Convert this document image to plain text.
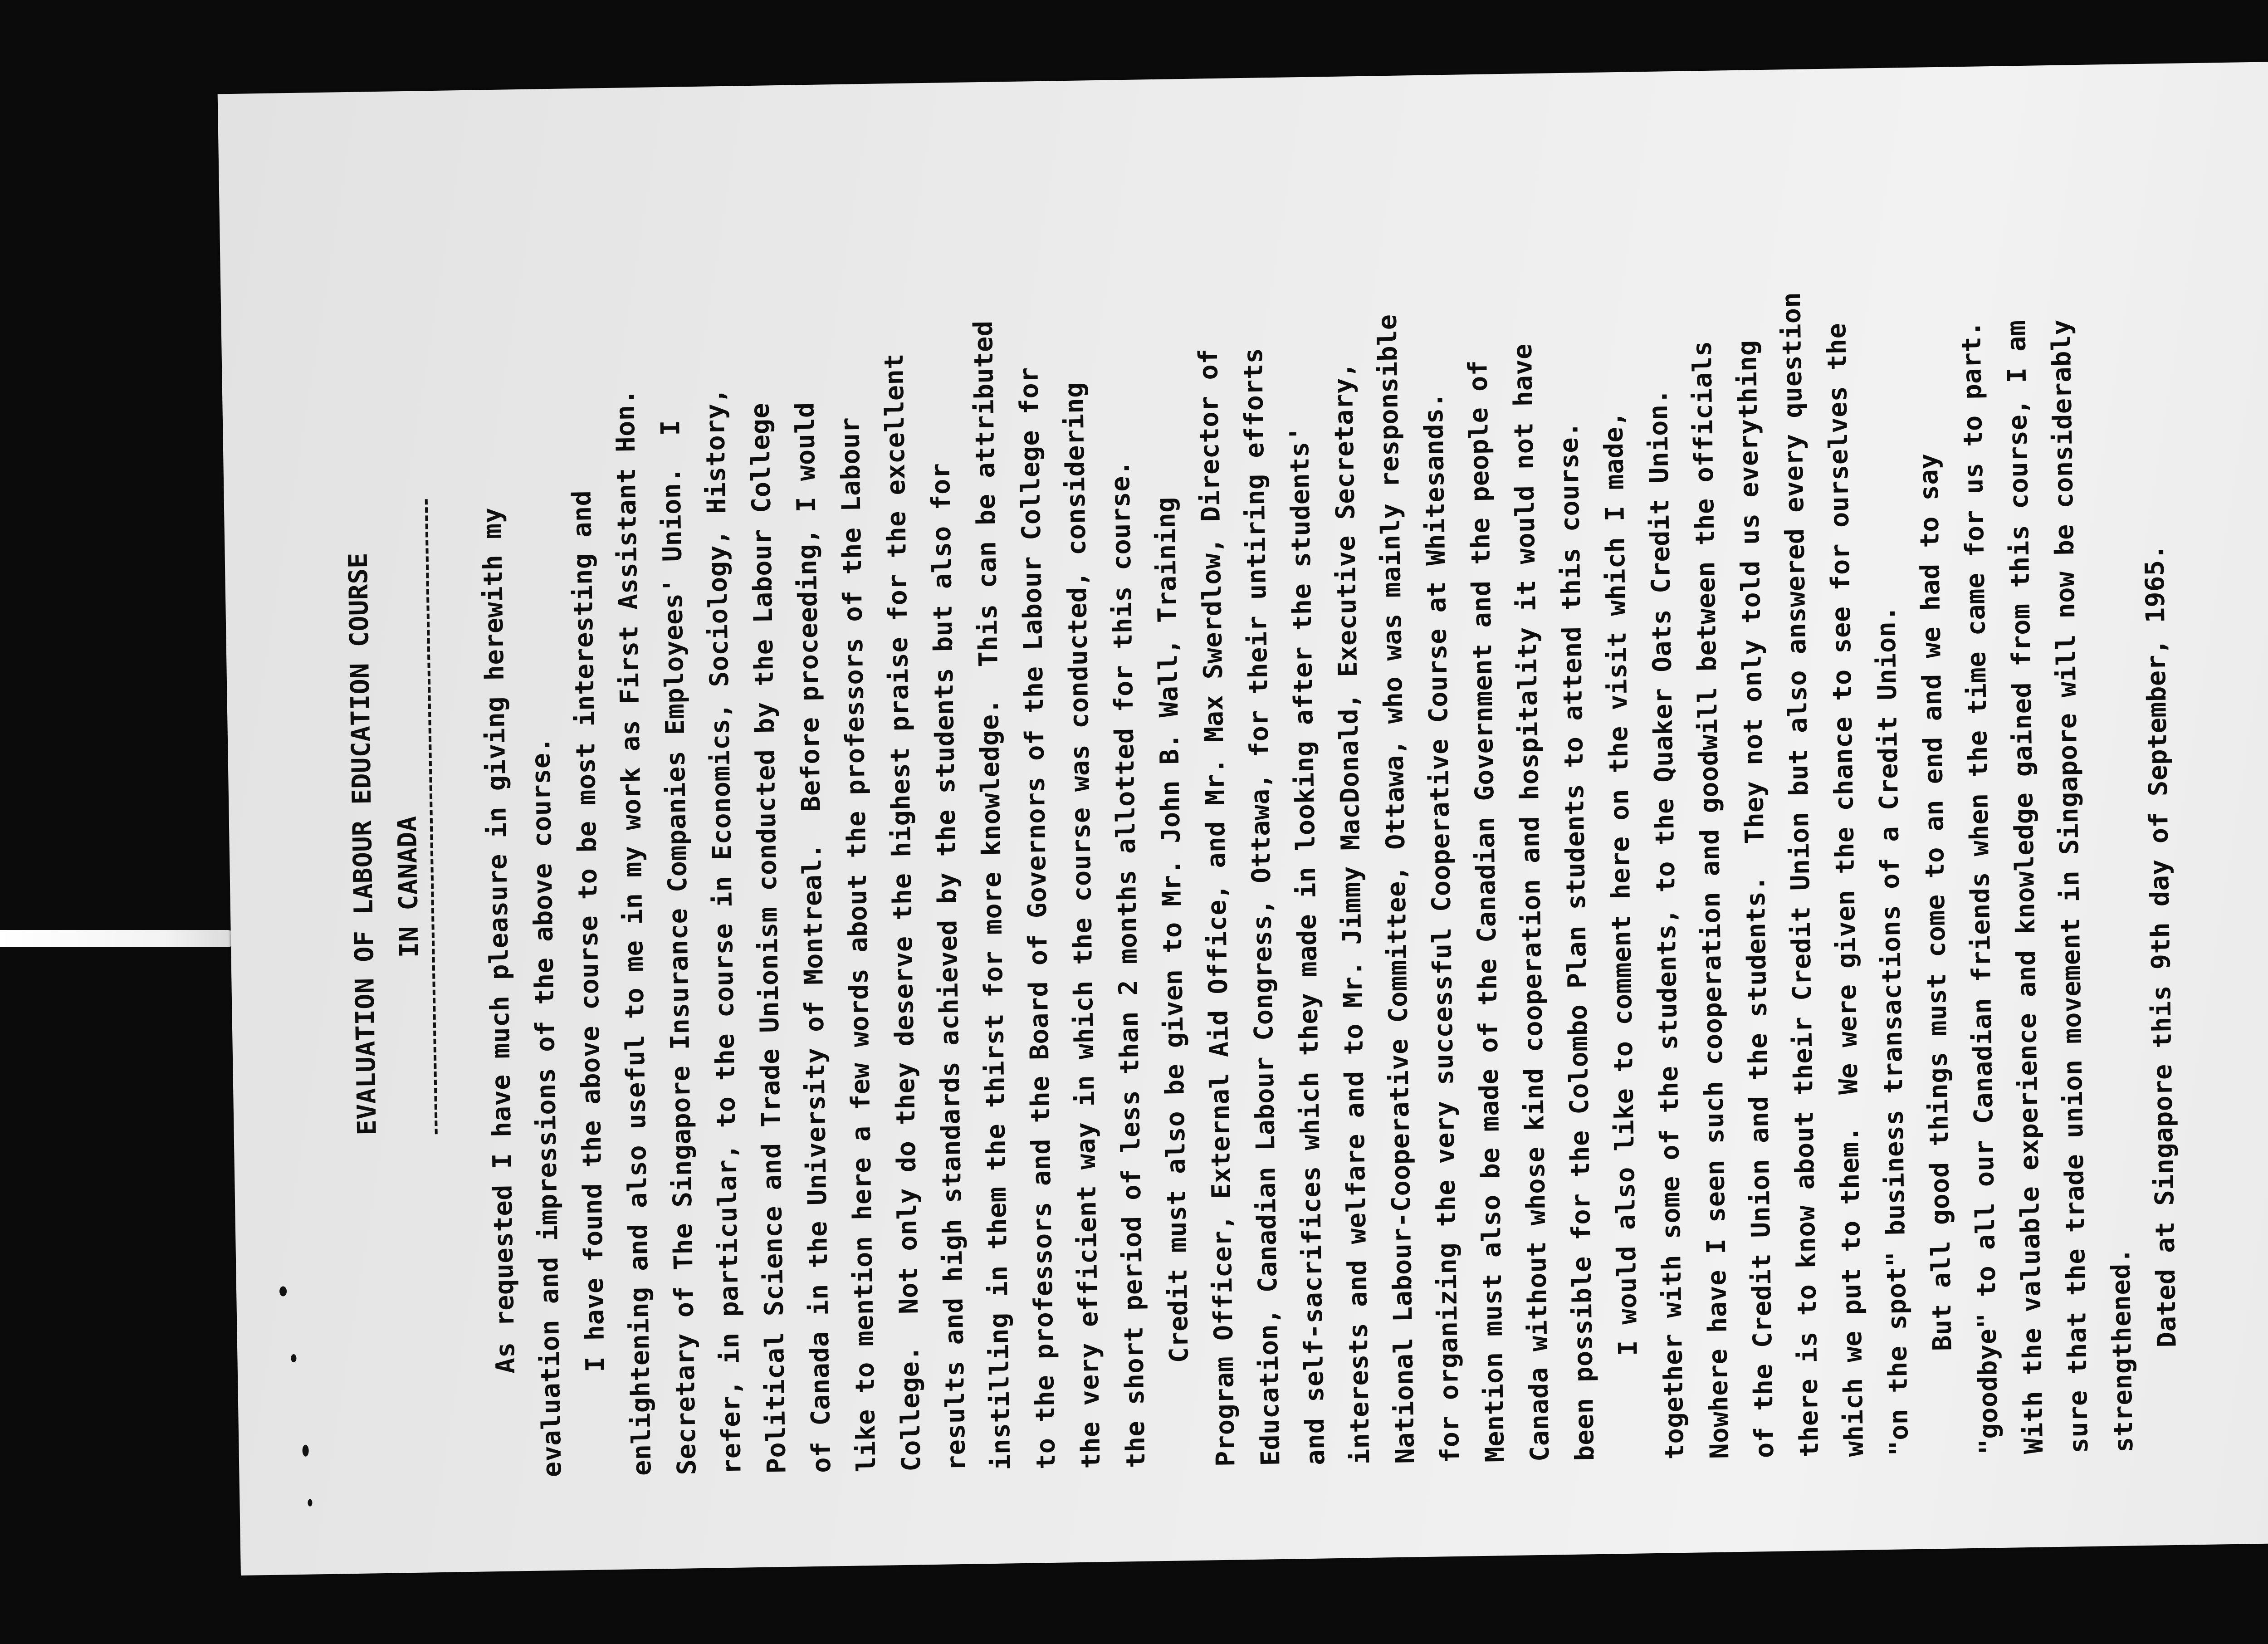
EVALUATION OF LABOUR EDUCATION COURSE IN CANADA	As requested I have much pleasure in giving herewith my evaluation and impressions of the above course.
I have found the above course to be most interesting and
enlightening and also useful to me in my work as First Assistant Hon.
Secretary of The Singapore Insurance Companies Employees' Union.  I
refer, in particular, to the course in Economics, Sociology, History,
Political Science and Trade Unionism conducted by the Labour College
of Canada in the University of Montreal.  Before proceeding, I would
like to mention here a few words about the professors of the Labour
College.  Not only do they deserve the highest praise for the excellent
results and high standards achieved by the students but also for
instilling in them the thirst for more knowledge.  This can be attributed
to the professors and the Board of Governors of the Labour College for
the very efficient way in which the course was conducted, considering
the short period of less than 2 months allotted for this course. Credit must also be given to Mr. John B. Wall, Training
Program Officer, External Aid Office, and Mr. Max Swerdlow, Director of
Education, Canadian Labour Congress, Ottawa, for their untiring efforts
and self-sacrifices which they made in looking after the students'
interests and welfare and to Mr. Jimmy MacDonald, Executive Secretary,
National Labour-Cooperative Committee, Ottawa, who was mainly responsible
for organizing the very successful Cooperative Course at Whitesands.
Mention must also be made of the Canadian Government and the people of
Canada without whose kind cooperation and hospitality it would not have
been possible for the Colombo Plan students to attend this course.
I would also like to comment here on the visit which I made, together with some of the students, to the Quaker Oats Credit Union.
Nowhere have I seen such cooperation and goodwill between the officials
of the Credit Union and the students.  They not only told us everything
there is to know about their Credit Union but also answered every question
which we put to them.  We were given the chance to see for ourselves the "on the spot" business transactions of a Credit Union.
But all good things must come to an end and we had to say
"goodbye" to all our Canadian friends when the time came for us to part.
With the valuable experience and knowledge gained from this course, I am
sure that the trade union movement in Singapore will now be considerably strengthened.
Dated at Singapore this 9th day of September, 1965.
